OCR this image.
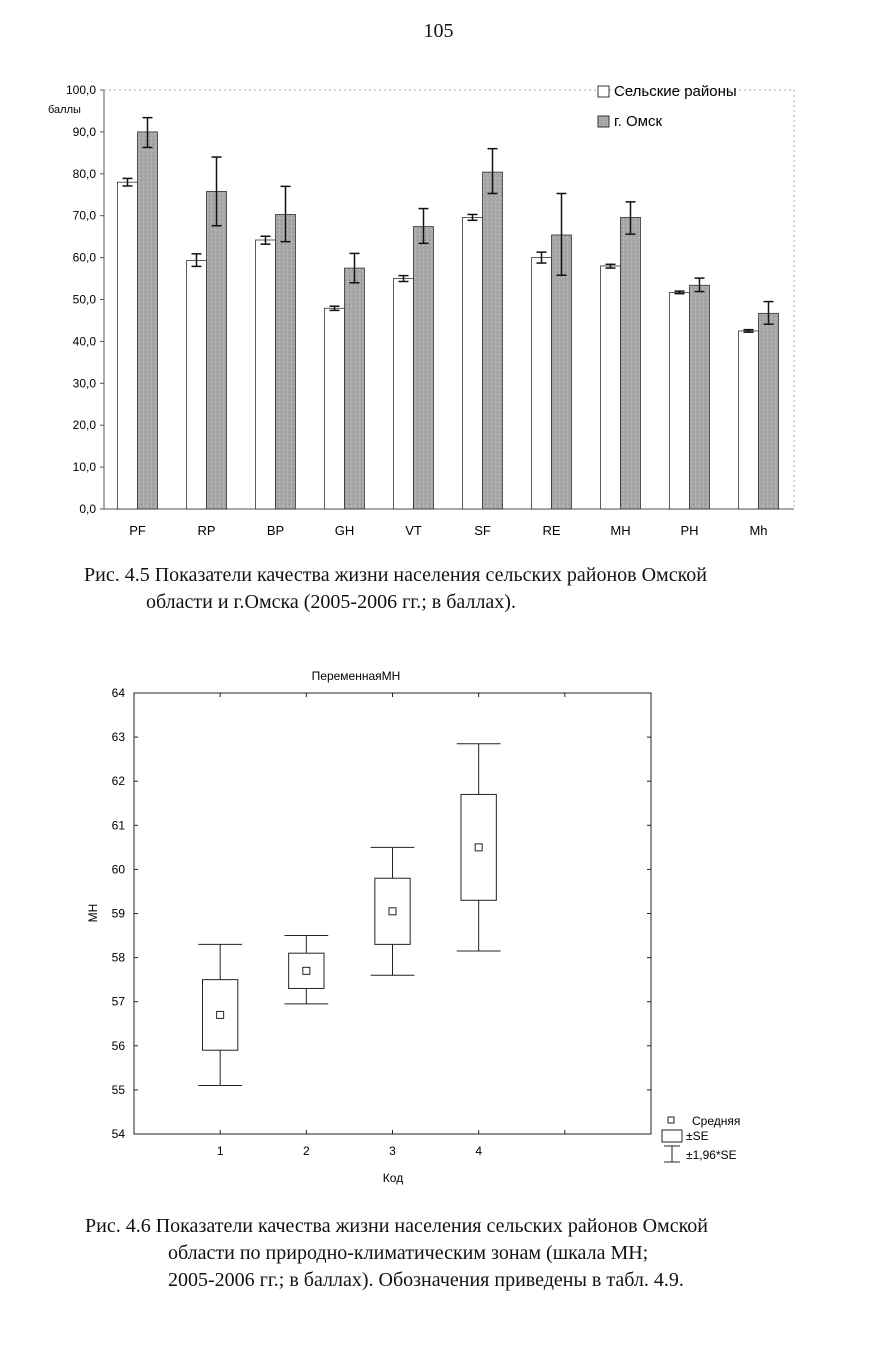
105
0,0
10,0
20,0
30,0
40,0
50,0
60,0
70,0
80,0
90,0
100,0
PF	RP	BP	GH	VT	SF	RE	MH	PH	Mh
баллы
Сельские районы
г. Омск
Рис. 4.5 Показатели качества жизни населения сельских районов Омской
области и г.Омска (2005-2006 гг.; в баллах).
ПеременнаяМН
54
55
56
57
58
59
60
61
62
63
64
1	2	3	4
Код
МН
Средняя
±SE
±1,96*SE
Рис. 4.6 Показатели качества жизни населения сельских районов Омской
области по природно-климатическим зонам (шкала МН;
2005-2006 гг.; в баллах). Обозначения приведены в табл. 4.9.
